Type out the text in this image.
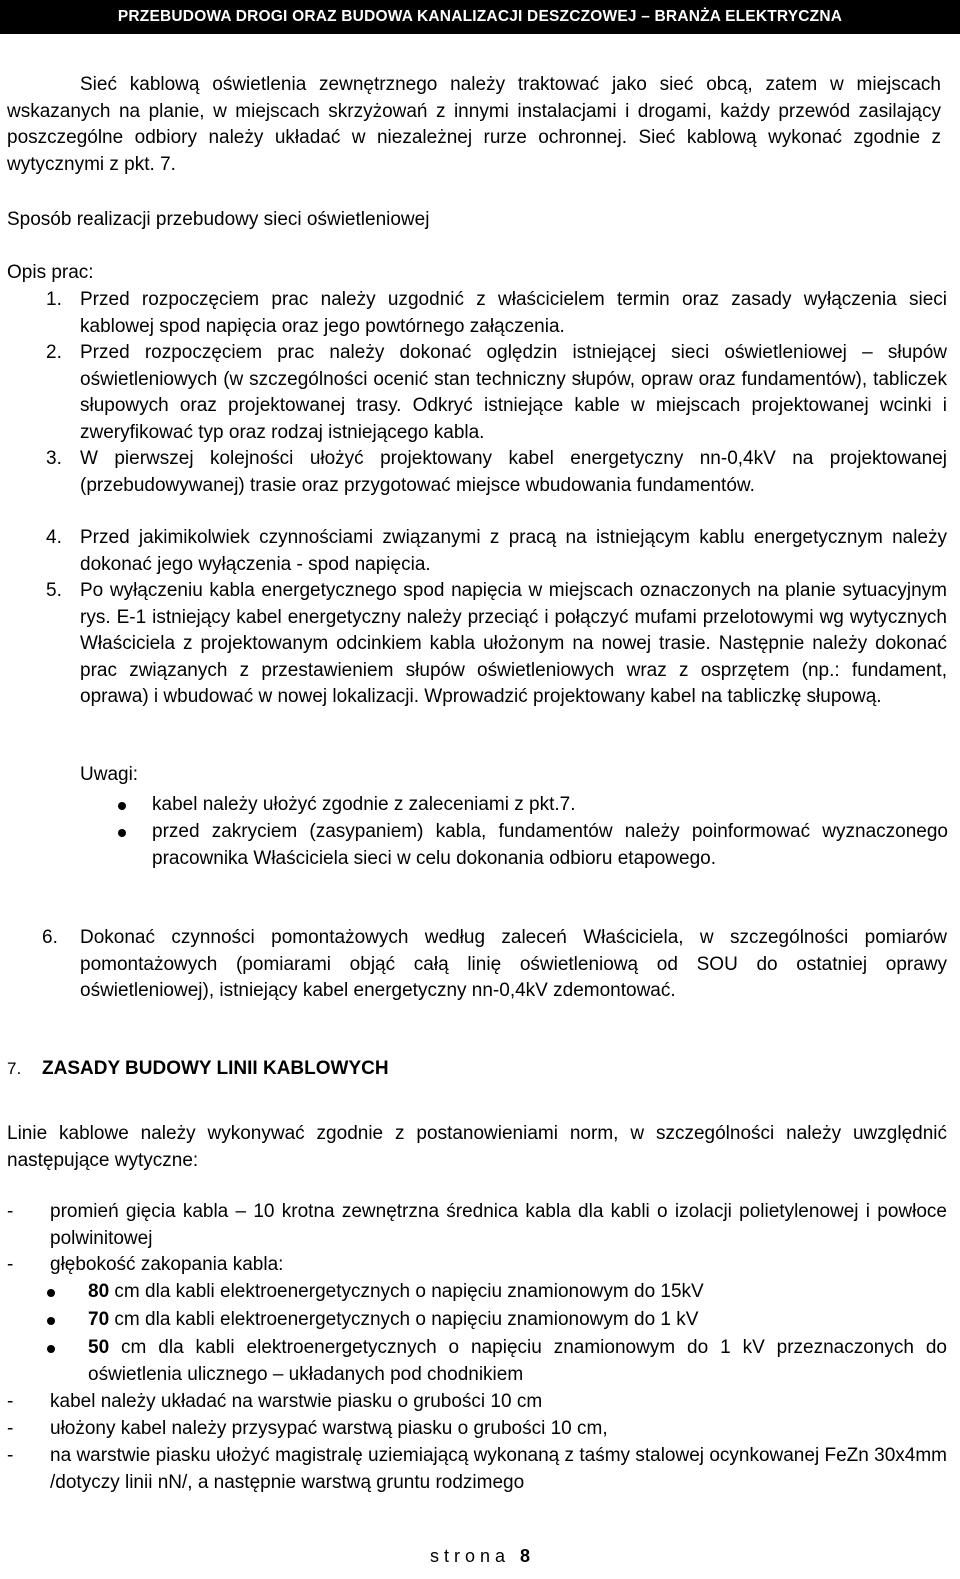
PRZEBUDOWA DROGI ORAZ BUDOWA KANALIZACJI DESZCZOWEJ – BRANŻA ELEKTRYCZNA

Sieć kablową oświetlenia zewnętrznego należy traktować jako sieć obcą, zatem w miejscach wskazanych na planie, w miejscach skrzyżowań z innymi instalacjami i drogami, każdy przewód zasilający poszczególne odbiory należy układać w niezależnej rurze ochronnej. Sieć kablową wykonać zgodnie z wytycznymi z pkt. 7.

Sposób realizacji przebudowy sieci oświetleniowej

Opis prac:

1. Przed rozpoczęciem prac należy uzgodnić z właścicielem termin oraz zasady wyłączenia sieci kablowej spod napięcia oraz jego powtórnego załączenia.

2. Przed rozpoczęciem prac należy dokonać oględzin istniejącej sieci oświetleniowej – słupów oświetleniowych (w szczególności ocenić stan techniczny słupów, opraw oraz fundamentów), tabliczek słupowych oraz projektowanej trasy. Odkryć istniejące kable w miejscach projektowanej wcinki i zweryfikować typ oraz rodzaj istniejącego kabla.

3. W pierwszej kolejności ułożyć projektowany kabel energetyczny nn-0,4kV na projektowanej (przebudowywanej) trasie oraz przygotować miejsce wbudowania fundamentów.

4. Przed jakimikolwiek czynnościami związanymi z pracą na istniejącym kablu energetycznym należy dokonać jego wyłączenia - spod napięcia.

5. Po wyłączeniu kabla energetycznego spod napięcia w miejscach oznaczonych na planie sytuacyjnym rys. E-1 istniejący kabel energetyczny należy przeciąć i połączyć mufami przelotowymi wg wytycznych Właściciela z projektowanym odcinkiem kabla ułożonym na nowej trasie. Następnie należy dokonać prac związanych z przestawieniem słupów oświetleniowych wraz z osprzętem (np.: fundament, oprawa) i wbudować w nowej lokalizacji. Wprowadzić projektowany kabel na tabliczkę słupową.

Uwagi:

kabel należy ułożyć zgodnie z zaleceniami z pkt.7.

przed zakryciem (zasypaniem) kabla, fundamentów należy poinformować wyznaczonego pracownika Właściciela sieci w celu dokonania odbioru etapowego.

6.	Dokonać czynności pomontażowych według zaleceń Właściciela, w szczególności pomiarów pomontażowych (pomiarami objąć całą linię oświetleniową od SOU do ostatniej oprawy oświetleniowej), istniejący kabel energetyczny nn-0,4kV zdemontować.

7. ZASADY BUDOWY LINII KABLOWYCH

Linie kablowe należy wykonywać zgodnie z postanowieniami norm, w szczególności należy uwzględnić następujące wytyczne:

- promień gięcia kabla – 10 krotna zewnętrzna średnica kabla dla kabli o izolacji polietylenowej i powłoce polwinitowej

- głębokość zakopania kabla:

80 cm dla kabli elektroenergetycznych o napięciu znamionowym do 15kV

70 cm dla kabli elektroenergetycznych o napięciu znamionowym do 1 kV

50 cm dla kabli elektroenergetycznych o napięciu znamionowym do 1 kV przeznaczonych do oświetlenia ulicznego – układanych pod chodnikiem

- kabel należy układać na warstwie piasku o grubości 10 cm

- ułożony kabel należy przysypać warstwą piasku o grubości 10 cm,

- na warstwie piasku ułożyć magistralę uziemiającą wykonaną z taśmy stalowej ocynkowanej FeZn 30x4mm /dotyczy linii nN/, a następnie warstwą gruntu rodzimego

strona 8
